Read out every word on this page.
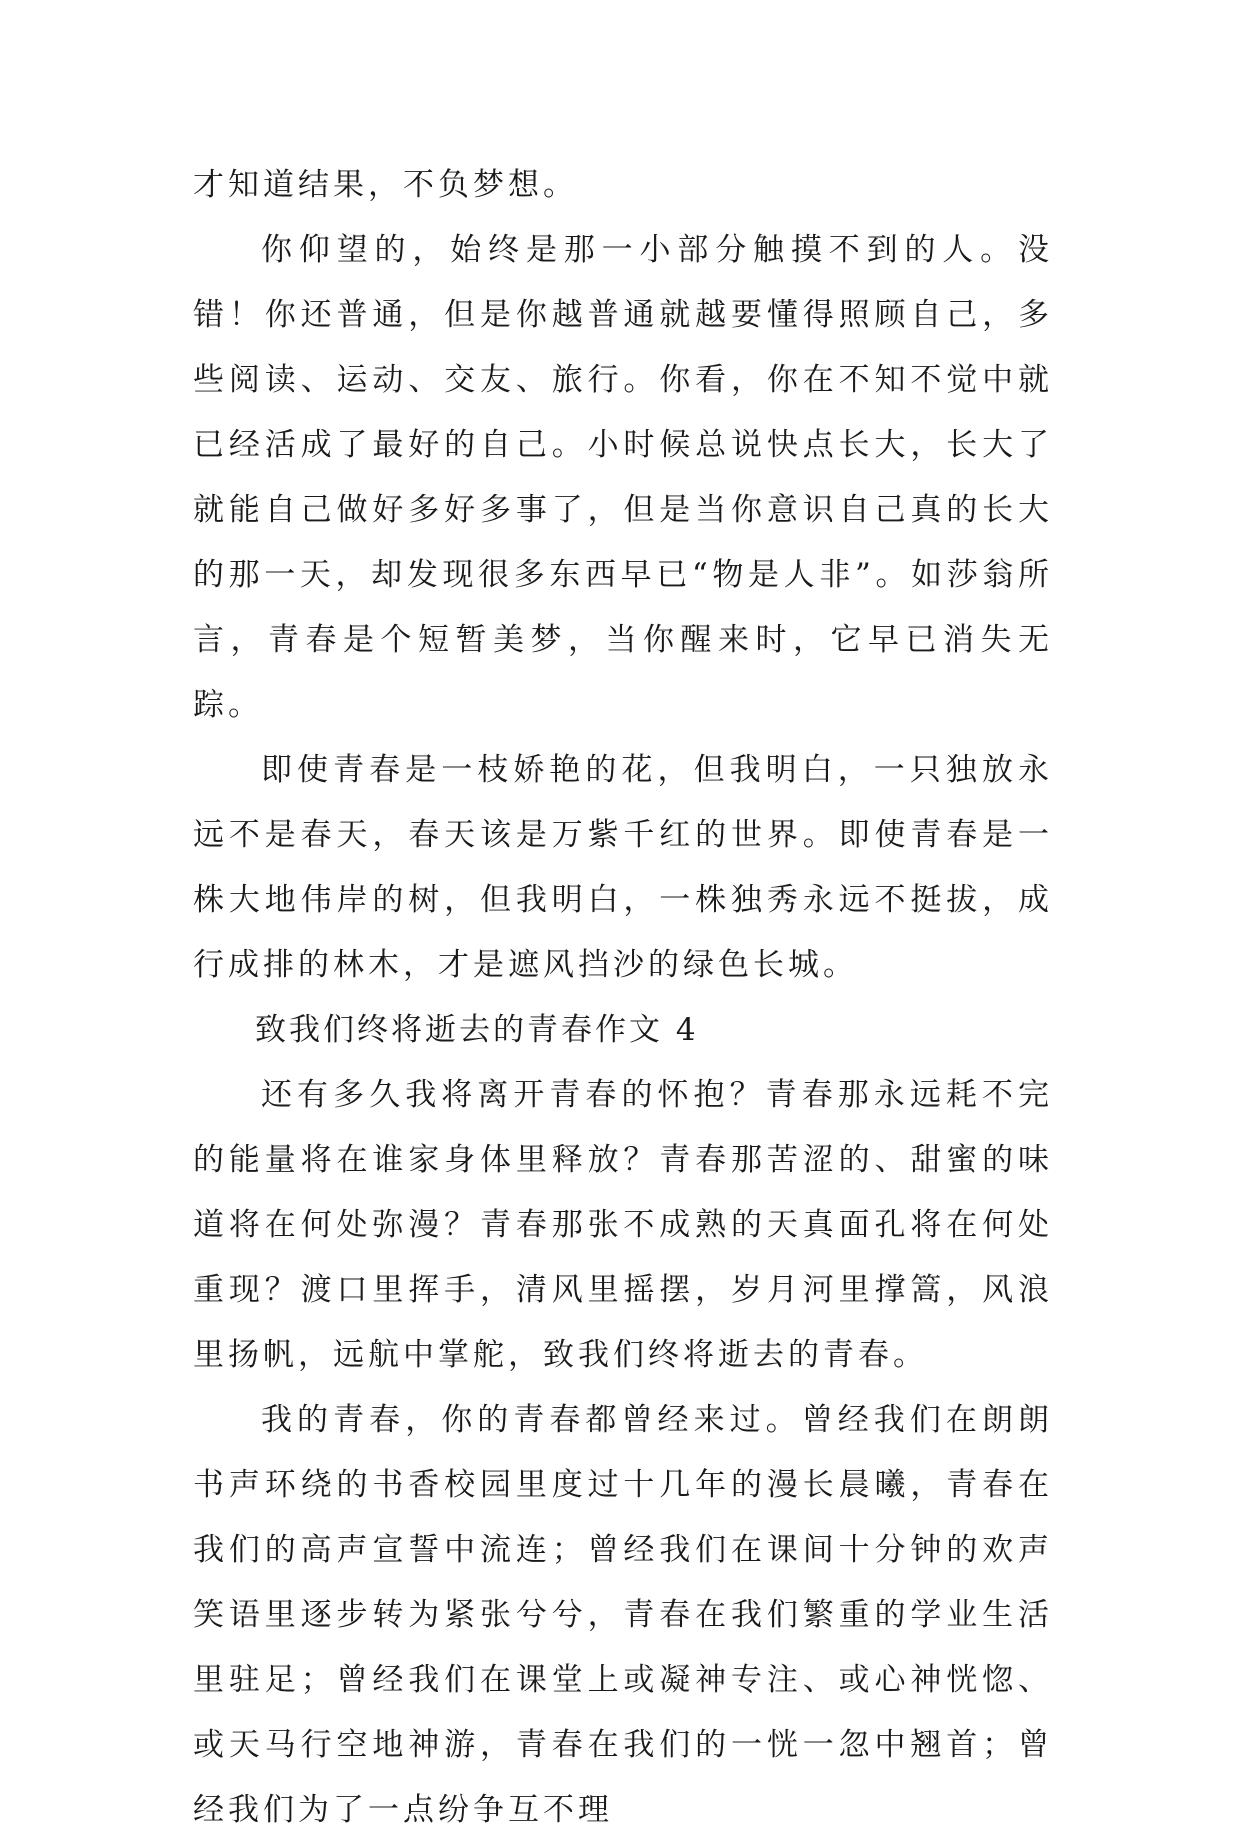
才知道结果，不负梦想。

你仰望的，始终是那一小部分触摸不到的人。没错！你还普通，但是你越普通就越要懂得照顾自己，多些阅读、运动、交友、旅行。你看，你在不知不觉中就已经活成了最好的自己。小时候总说快点长大，长大了就能自己做好多好多事了，但是当你意识自己真的长大的那一天，却发现很多东西早已“物是人非”。如莎翁所言，青春是个短暂美梦，当你醒来时，它早已消失无踪。

即使青春是一枝娇艳的花，但我明白，一只独放永远不是春天，春天该是万紫千红的世界。即使青春是一株大地伟岸的树，但我明白，一株独秀永远不挺拔，成行成排的林木，才是遮风挡沙的绿色长城。

致我们终将逝去的青春作文 4

还有多久我将离开青春的怀抱？青春那永远耗不完的能量将在谁家身体里释放？青春那苦涩的、甜蜜的味道将在何处弥漫？青春那张不成熟的天真面孔将在何处重现？渡口里挥手，清风里摇摆，岁月河里撑篙，风浪里扬帆，远航中掌舵，致我们终将逝去的青春。

我的青春，你的青春都曾经来过。曾经我们在朗朗书声环绕的书香校园里度过十几年的漫长晨曦，青春在我们的高声宣誓中流连；曾经我们在课间十分钟的欢声笑语里逐步转为紧张兮兮，青春在我们繁重的学业生活里驻足；曾经我们在课堂上或凝神专注、或心神恍惚、或天马行空地神游，青春在我们的一恍一忽中翘首；曾经我们为了一点纷争互不理
